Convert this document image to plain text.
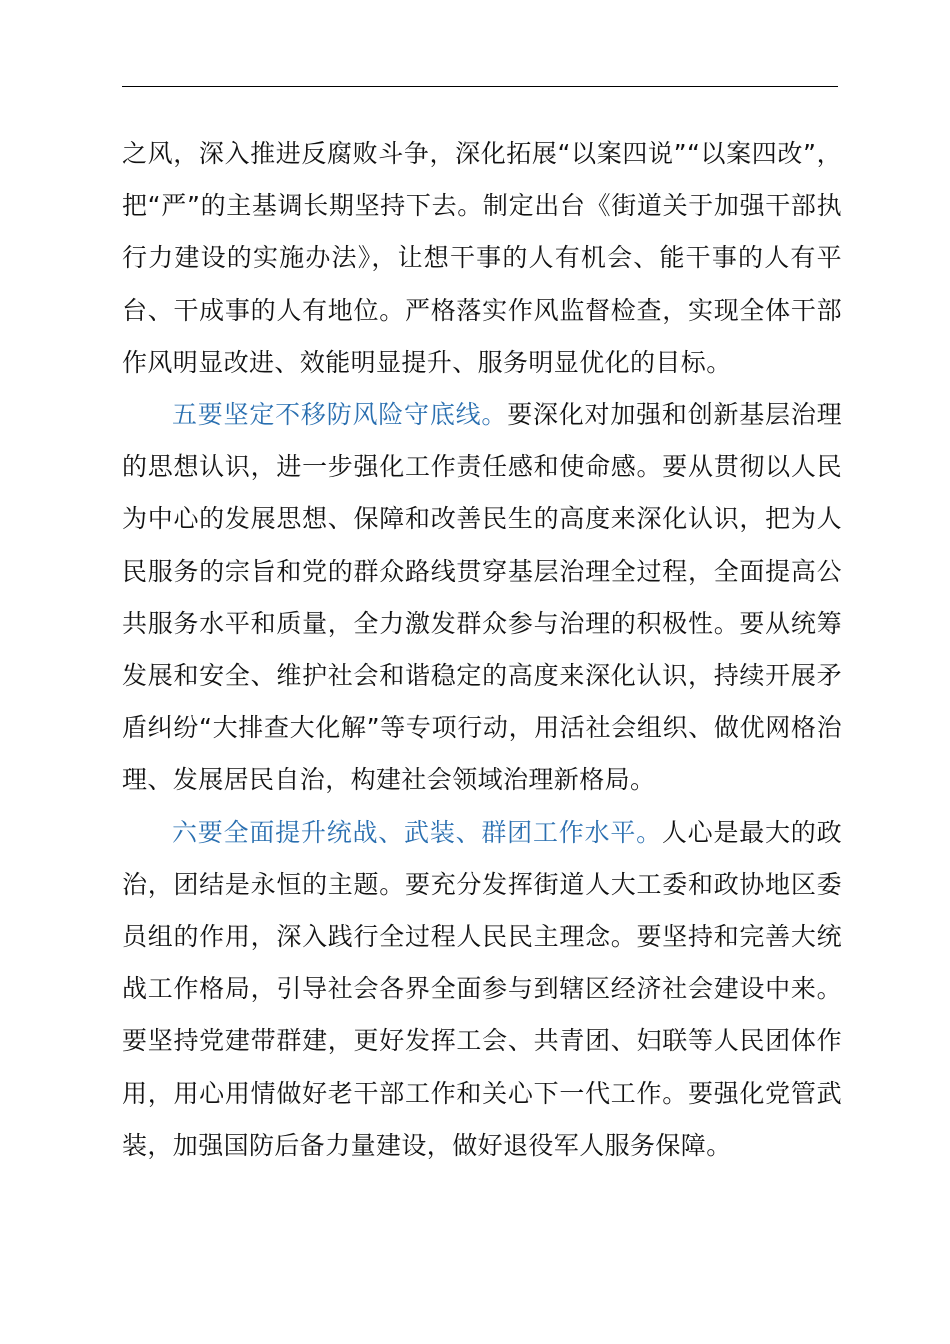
之风，深入推进反腐败斗争，深化拓展“以案四说”“以案四改”，把“严”的主基调长期坚持下去。制定出台《街道关于加强干部执行力建设的实施办法》，让想干事的人有机会、能干事的人有平台、干成事的人有地位。严格落实作风监督检查，实现全体干部作风明显改进、效能明显提升、服务明显优化的目标。

五要坚定不移防风险守底线。要深化对加强和创新基层治理的思想认识，进一步强化工作责任感和使命感。要从贯彻以人民为中心的发展思想、保障和改善民生的高度来深化认识，把为人民服务的宗旨和党的群众路线贯穿基层治理全过程，全面提高公共服务水平和质量，全力激发群众参与治理的积极性。要从统筹发展和安全、维护社会和谐稳定的高度来深化认识，持续开展矛盾纠纷“大排查大化解”等专项行动，用活社会组织、做优网格治理、发展居民自治，构建社会领域治理新格局。

六要全面提升统战、武装、群团工作水平。人心是最大的政治，团结是永恒的主题。要充分发挥街道人大工委和政协地区委员组的作用，深入践行全过程人民民主理念。要坚持和完善大统战工作格局，引导社会各界全面参与到辖区经济社会建设中来。要坚持党建带群建，更好发挥工会、共青团、妇联等人民团体作用，用心用情做好老干部工作和关心下一代工作。要强化党管武装，加强国防后备力量建设，做好退役军人服务保障。
